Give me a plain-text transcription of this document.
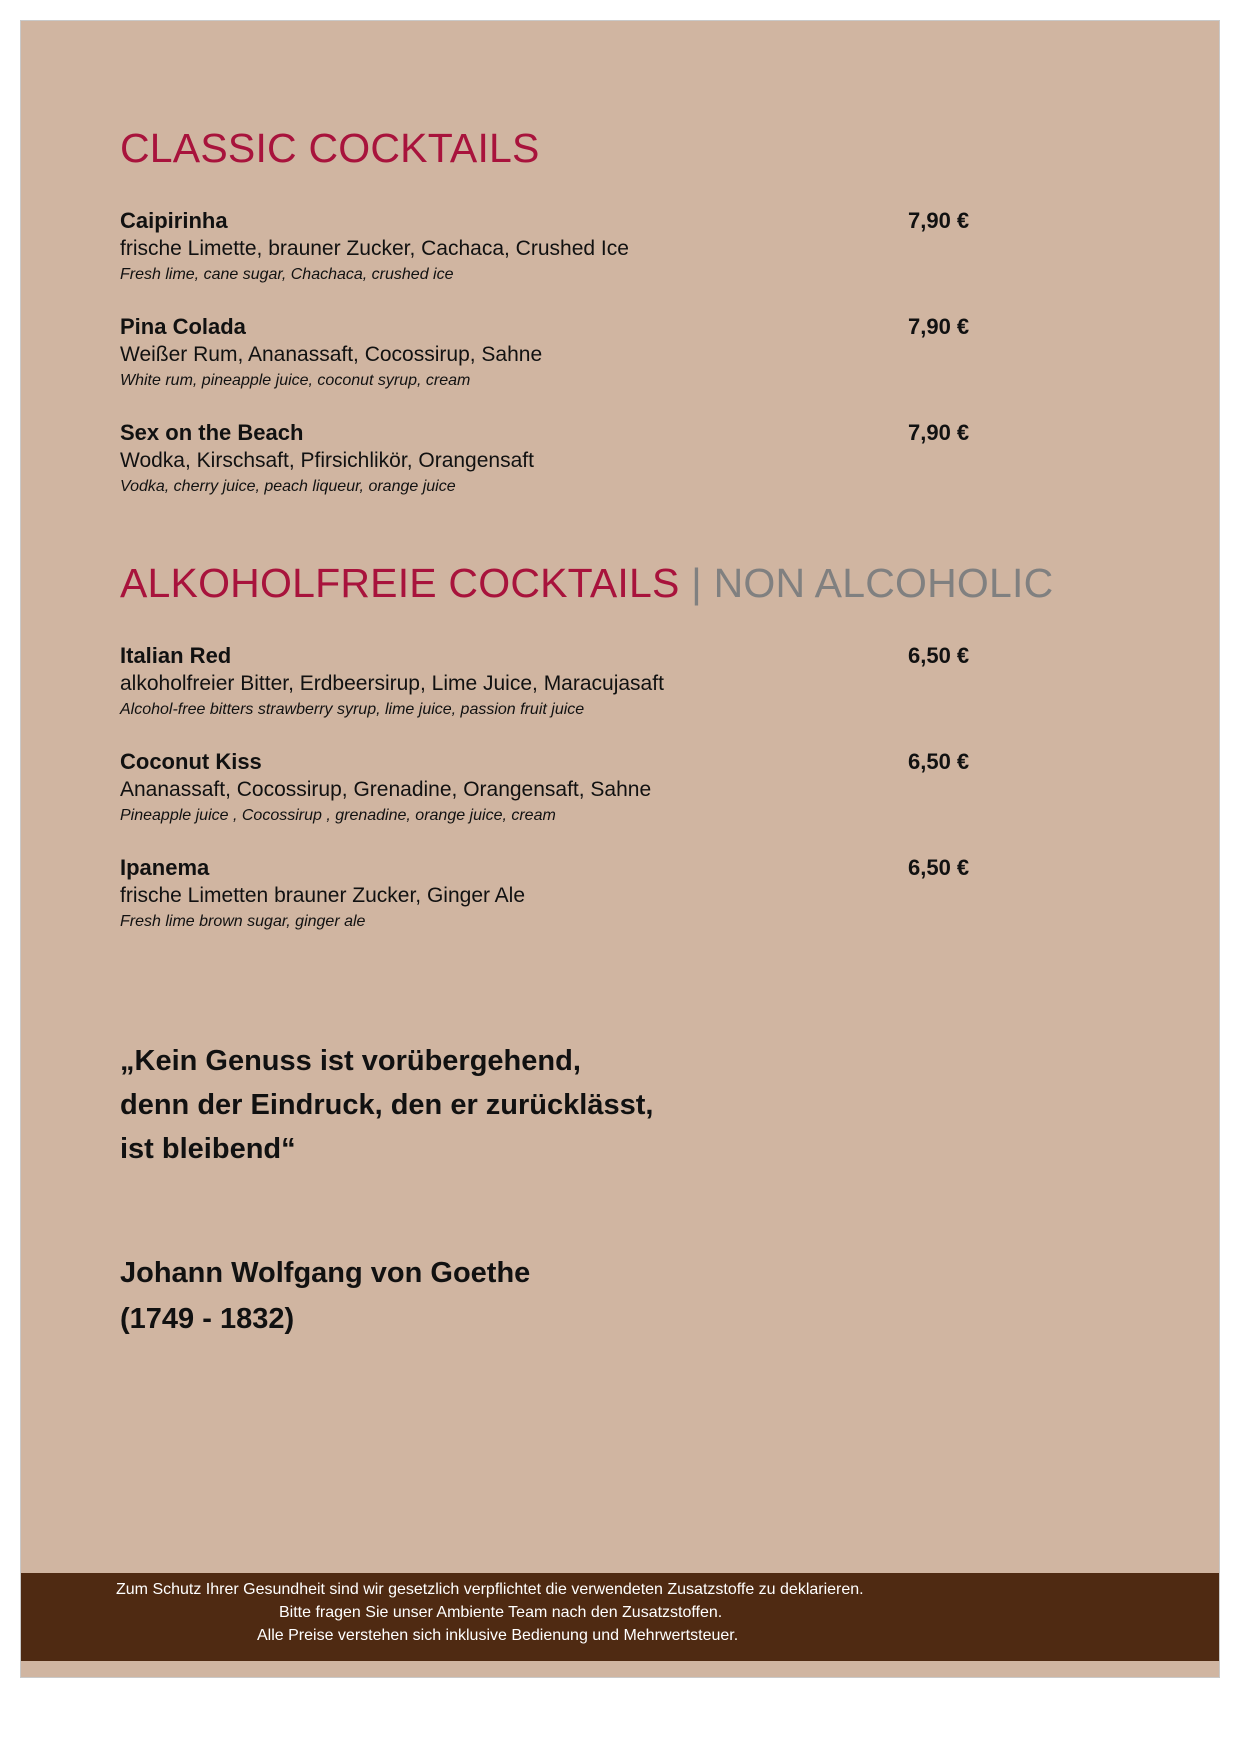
CLASSIC COCKTAILS
Caipirinha	7,90 €
frische Limette, brauner Zucker, Cachaca, Crushed Ice
Fresh lime, cane sugar, Chachaca, crushed ice
Pina Colada	7,90 €
Weißer Rum, Ananassaft, Cocossirup, Sahne
White rum, pineapple juice, coconut syrup, cream
Sex on the Beach	7,90 €
Wodka, Kirschsaft, Pfirsichlikör, Orangensaft
Vodka, cherry juice, peach liqueur, orange juice
ALKOHOLFREIE COCKTAILS | NON ALCOHOLIC
Italian Red	6,50 €
alkoholfreier Bitter, Erdbeersirup, Lime Juice, Maracujasaft
Alcohol-free bitters strawberry syrup, lime juice, passion fruit juice
Coconut Kiss	6,50 €
Ananassaft, Cocossirup, Grenadine, Orangensaft, Sahne
Pineapple juice , Cocossirup , grenadine, orange juice, cream
Ipanema	6,50 €
frische Limetten brauner Zucker, Ginger Ale
Fresh lime brown sugar, ginger ale
„Kein Genuss ist vorübergehend,
denn der Eindruck, den er zurücklässt,
ist bleibend“
Johann Wolfgang von Goethe
(1749 - 1832)
Zum Schutz Ihrer Gesundheit sind wir gesetzlich verpflichtet die verwendeten Zusatzstoffe zu deklarieren.
Bitte fragen Sie unser Ambiente Team nach den Zusatzstoffen.
Alle Preise verstehen sich inklusive Bedienung und Mehrwertsteuer.
